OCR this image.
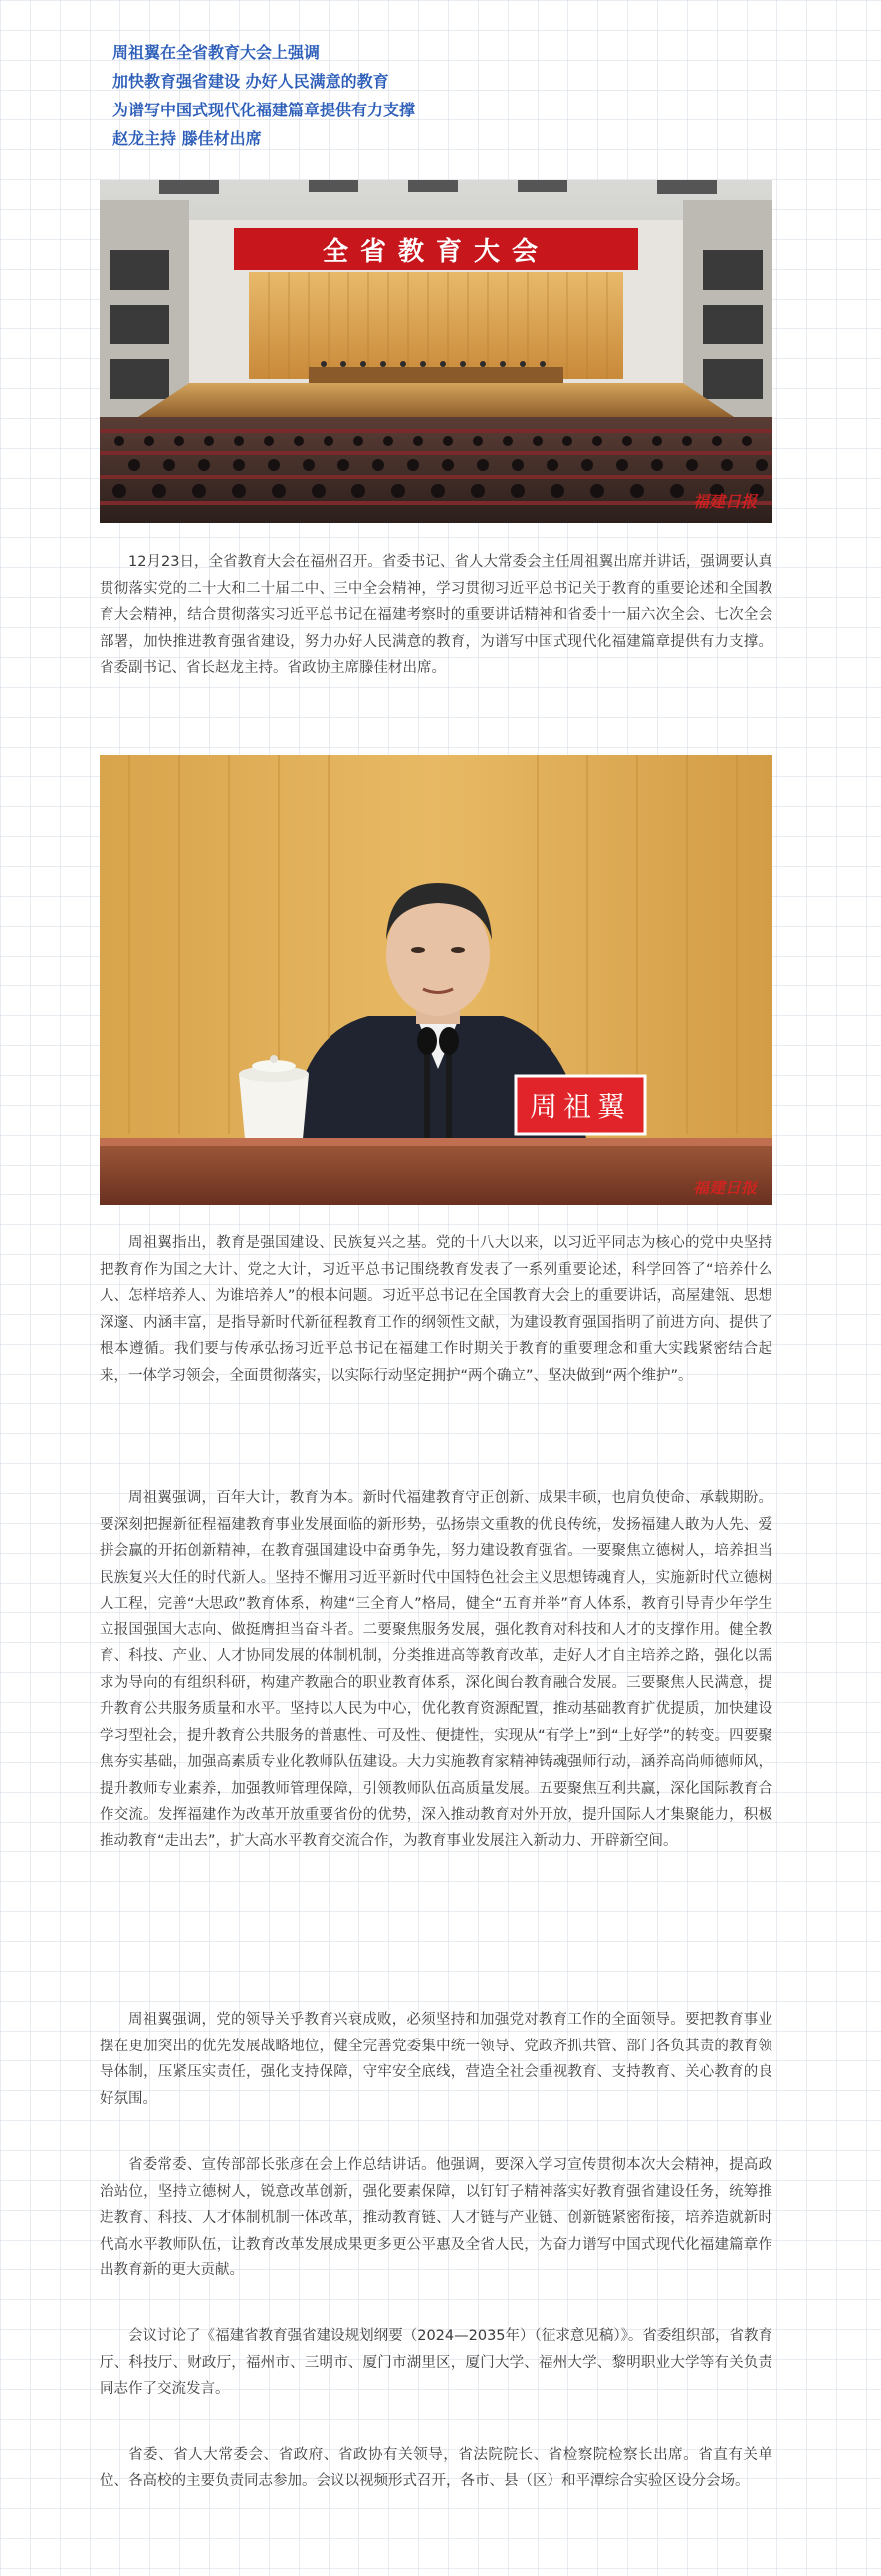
周祖翼在全省教育大会上强调
加快教育强省建设 办好人民满意的教育
为谱写中国式现代化福建篇章提供有力支撑
赵龙主持 滕佳材出席
全省教育大会
福建日报

12月23日，全省教育大会在福州召开。省委书记、省人大常委会主任周祖翼出席并讲话，强调要认真贯彻落实党的二十大和二十届二中、三中全会精神，学习贯彻习近平总书记关于教育的重要论述和全国教育大会精神，结合贯彻落实习近平总书记在福建考察时的重要讲话精神和省委十一届六次全会、七次全会部署，加快推进教育强省建设，努力办好人民满意的教育，为谱写中国式现代化福建篇章提供有力支撑。省委副书记、省长赵龙主持。省政协主席滕佳材出席。

周祖翼
福建日报

周祖翼指出，教育是强国建设、民族复兴之基。党的十八大以来，以习近平同志为核心的党中央坚持把教育作为国之大计、党之大计，习近平总书记围绕教育发表了一系列重要论述，科学回答了“培养什么人、怎样培养人、为谁培养人”的根本问题。习近平总书记在全国教育大会上的重要讲话，高屋建瓴、思想深邃、内涵丰富，是指导新时代新征程教育工作的纲领性文献，为建设教育强国指明了前进方向、提供了根本遵循。我们要与传承弘扬习近平总书记在福建工作时期关于教育的重要理念和重大实践紧密结合起来，一体学习领会，全面贯彻落实，以实际行动坚定拥护“两个确立”、坚决做到“两个维护”。

周祖翼强调，百年大计，教育为本。新时代福建教育守正创新、成果丰硕，也肩负使命、承载期盼。要深刻把握新征程福建教育事业发展面临的新形势，弘扬崇文重教的优良传统，发扬福建人敢为人先、爱拼会赢的开拓创新精神，在教育强国建设中奋勇争先，努力建设教育强省。一要聚焦立德树人，培养担当民族复兴大任的时代新人。坚持不懈用习近平新时代中国特色社会主义思想铸魂育人，实施新时代立德树人工程，完善“大思政”教育体系，构建“三全育人”格局，健全“五育并举”育人体系，教育引导青少年学生立报国强国大志向、做挺膺担当奋斗者。二要聚焦服务发展，强化教育对科技和人才的支撑作用。健全教育、科技、产业、人才协同发展的体制机制，分类推进高等教育改革，走好人才自主培养之路，强化以需求为导向的有组织科研，构建产教融合的职业教育体系，深化闽台教育融合发展。三要聚焦人民满意，提升教育公共服务质量和水平。坚持以人民为中心，优化教育资源配置，推动基础教育扩优提质，加快建设学习型社会，提升教育公共服务的普惠性、可及性、便捷性，实现从“有学上”到“上好学”的转变。四要聚焦夯实基础，加强高素质专业化教师队伍建设。大力实施教育家精神铸魂强师行动，涵养高尚师德师风，提升教师专业素养，加强教师管理保障，引领教师队伍高质量发展。五要聚焦互利共赢，深化国际教育合作交流。发挥福建作为改革开放重要省份的优势，深入推动教育对外开放，提升国际人才集聚能力，积极推动教育“走出去”，扩大高水平教育交流合作，为教育事业发展注入新动力、开辟新空间。

周祖翼强调，党的领导关乎教育兴衰成败，必须坚持和加强党对教育工作的全面领导。要把教育事业摆在更加突出的优先发展战略地位，健全完善党委集中统一领导、党政齐抓共管、部门各负其责的教育领导体制，压紧压实责任，强化支持保障，守牢安全底线，营造全社会重视教育、支持教育、关心教育的良好氛围。

省委常委、宣传部部长张彦在会上作总结讲话。他强调，要深入学习宣传贯彻本次大会精神，提高政治站位，坚持立德树人，锐意改革创新，强化要素保障，以钉钉子精神落实好教育强省建设任务，统筹推进教育、科技、人才体制机制一体改革，推动教育链、人才链与产业链、创新链紧密衔接，培养造就新时代高水平教师队伍，让教育改革发展成果更多更公平惠及全省人民，为奋力谱写中国式现代化福建篇章作出教育新的更大贡献。

会议讨论了《福建省教育强省建设规划纲要（2024—2035年）（征求意见稿）》。省委组织部，省教育厅、科技厅、财政厅，福州市、三明市、厦门市湖里区，厦门大学、福州大学、黎明职业大学等有关负责同志作了交流发言。

省委、省人大常委会、省政府、省政协有关领导，省法院院长、省检察院检察长出席。省直有关单位、各高校的主要负责同志参加。会议以视频形式召开，各市、县（区）和平潭综合实验区设分会场。
